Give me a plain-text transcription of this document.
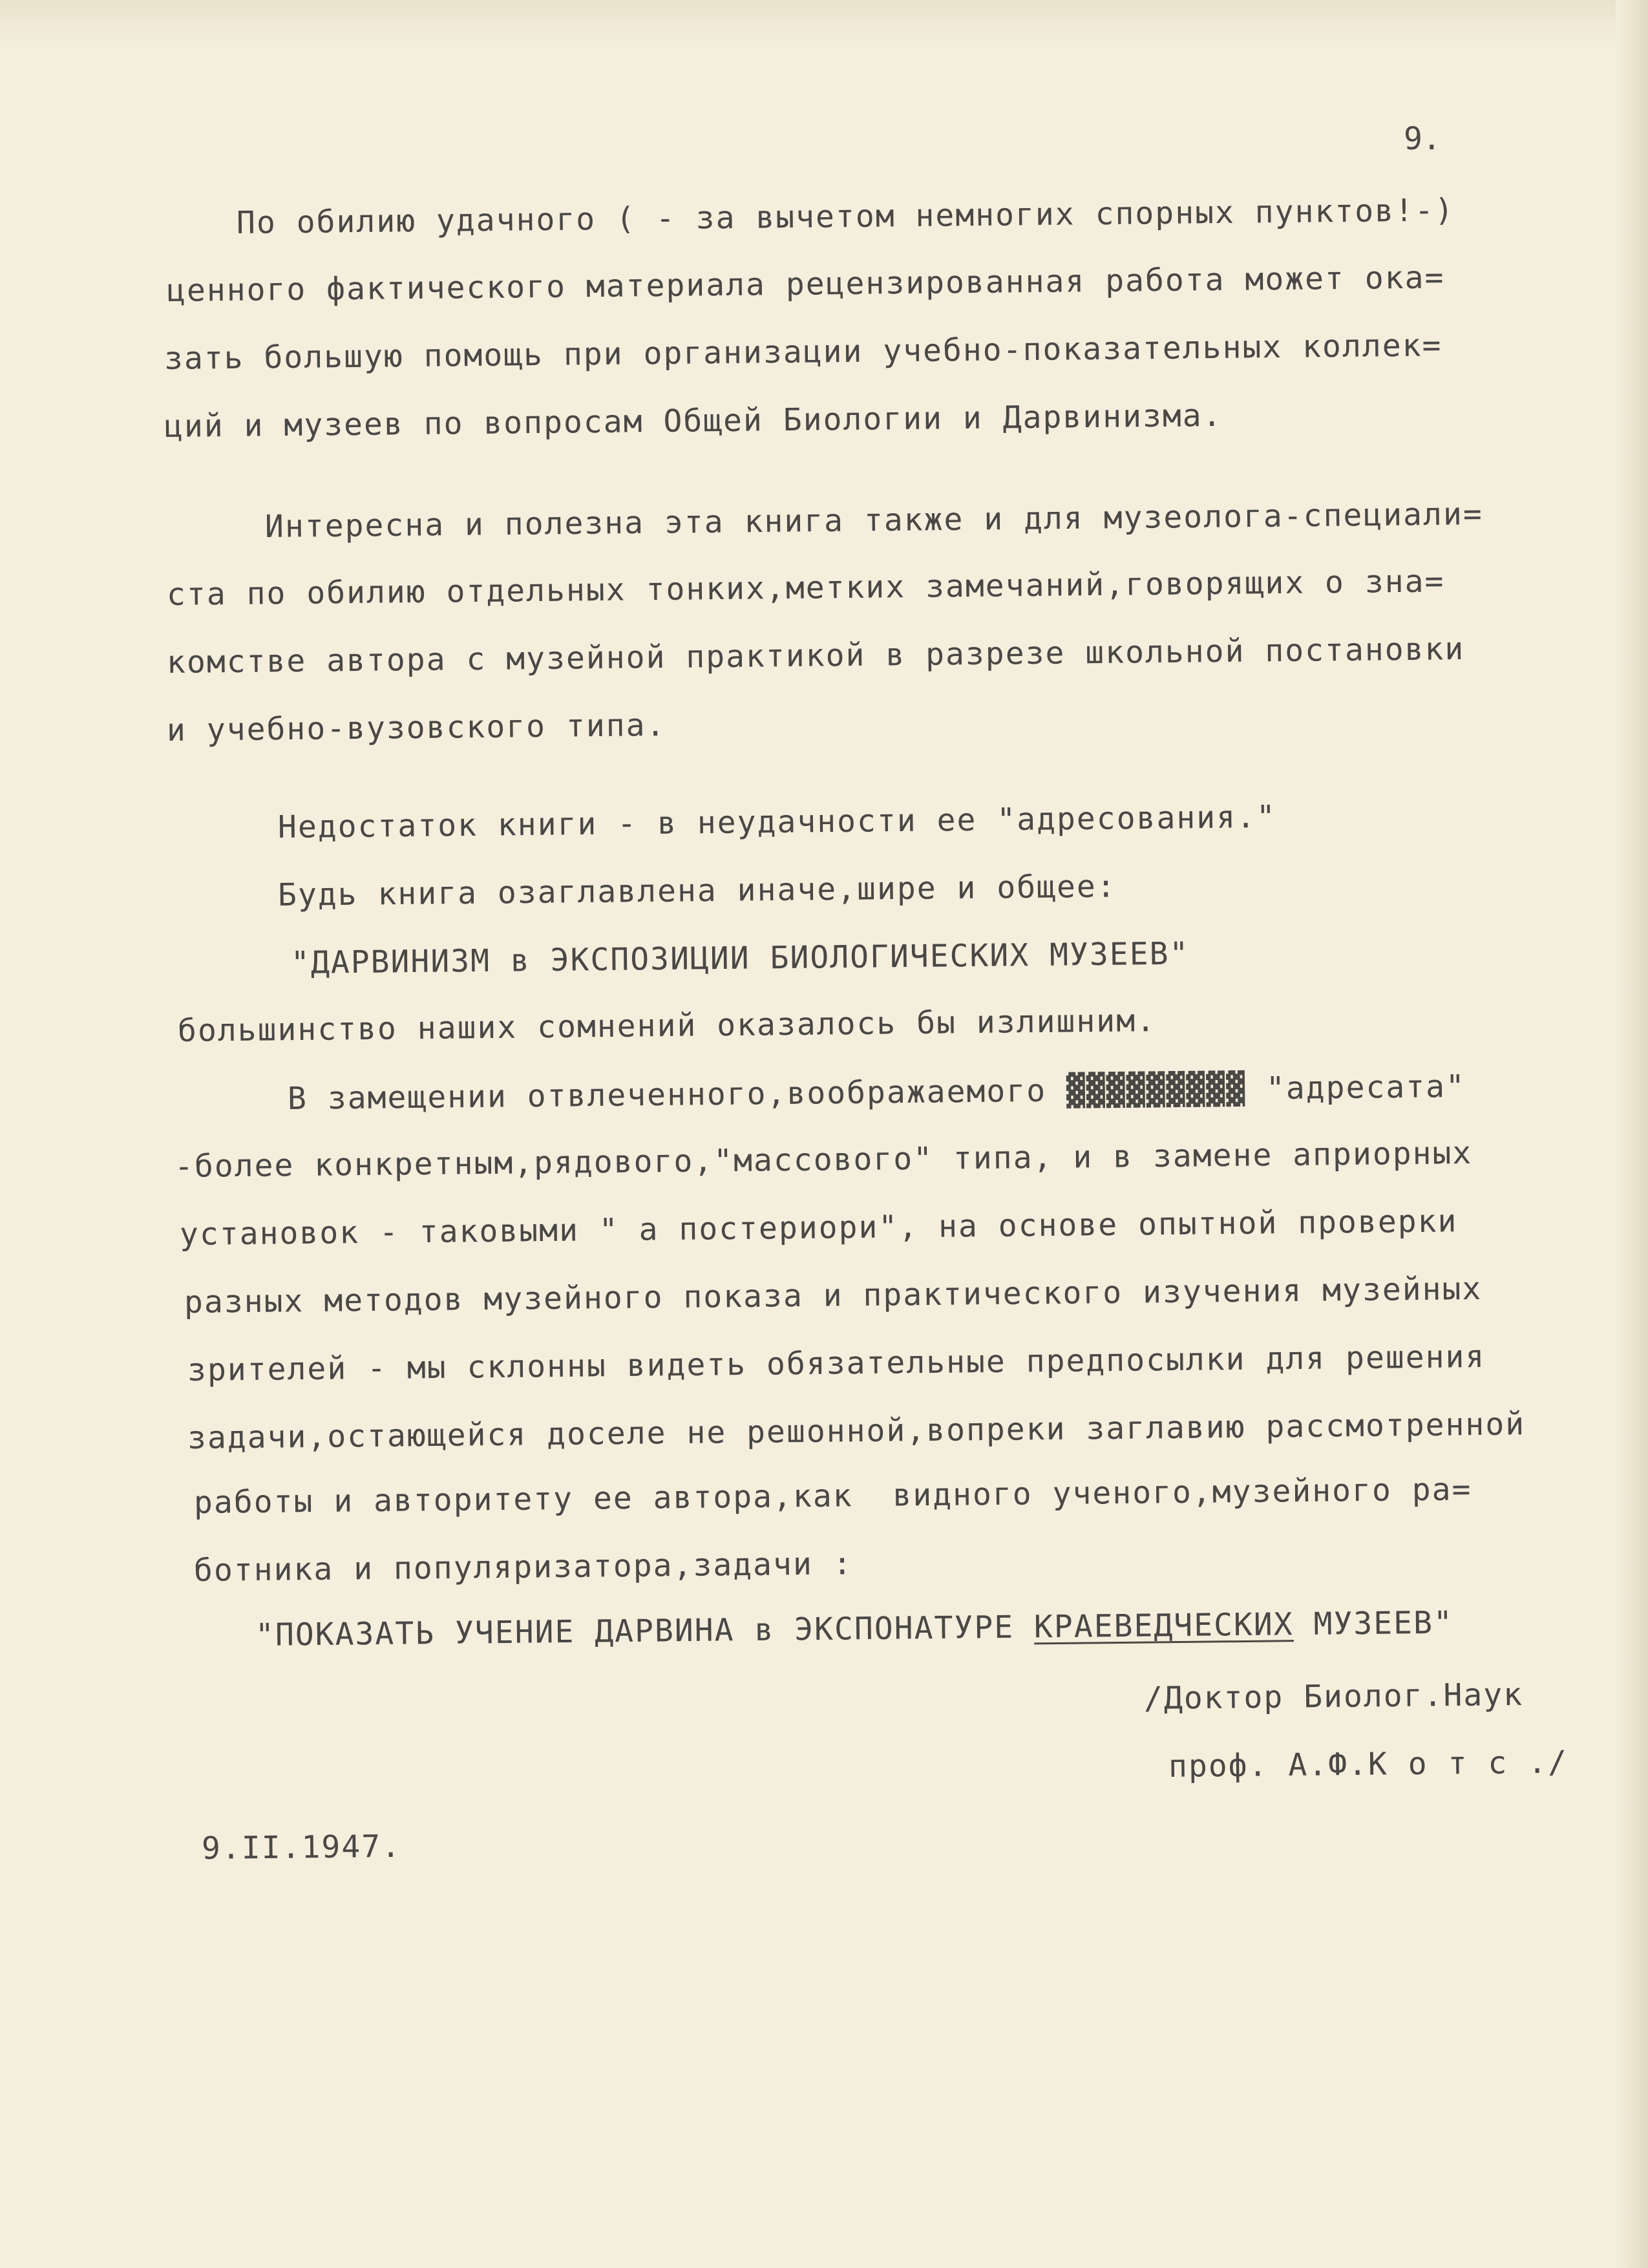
9.

По обилию удачного ( - за вычетом немногих спорных пунктов!-)

ценного фактического материала рецензированная работа может ока=

зать большую помощь при организации учебно-показательных коллек=

ций и музеев по вопросам Общей Биологии и Дарвинизма.

Интересна и полезна эта книга также и для музеолога-специали=

ста по обилию отдельных тонких,метких замечаний,говорящих о зна=

комстве автора с музейной практикой в разрезе школьной постановки

и учебно-вузовского типа.

Недостаток книги - в неудачности ее "адресования."

Будь книга озаглавлена иначе,шире и общее:

"ДАРВИНИЗМ в ЭКСПОЗИЦИИ БИОЛОГИЧЕСКИХ МУЗЕЕВ"

большинство наших сомнений оказалось бы излишним.

В замещении отвлеченного,воображаемого ▓▓▓▓▓▓▓▓▓ "адресата"

-более конкретным,рядового,"массового" типа, и в замене априорных

установок - таковыми " а постериори", на основе опытной проверки

разных методов музейного показа и практического изучения музейных

зрителей - мы склонны видеть обязательные предпосылки для решения

задачи,остающейся доселе не решонной,вопреки заглавию рассмотренной

работы и авторитету ее автора,как  видного ученого,музейного ра=

ботника и популяризатора,задачи :

"ПОКАЗАТЬ УЧЕНИЕ ДАРВИНА в ЭКСПОНАТУРЕ КРАЕВЕДЧЕСКИХ МУЗЕЕВ"

/Доктор Биолог.Наук

проф. А.Ф.К о т с ./

9.II.1947.
